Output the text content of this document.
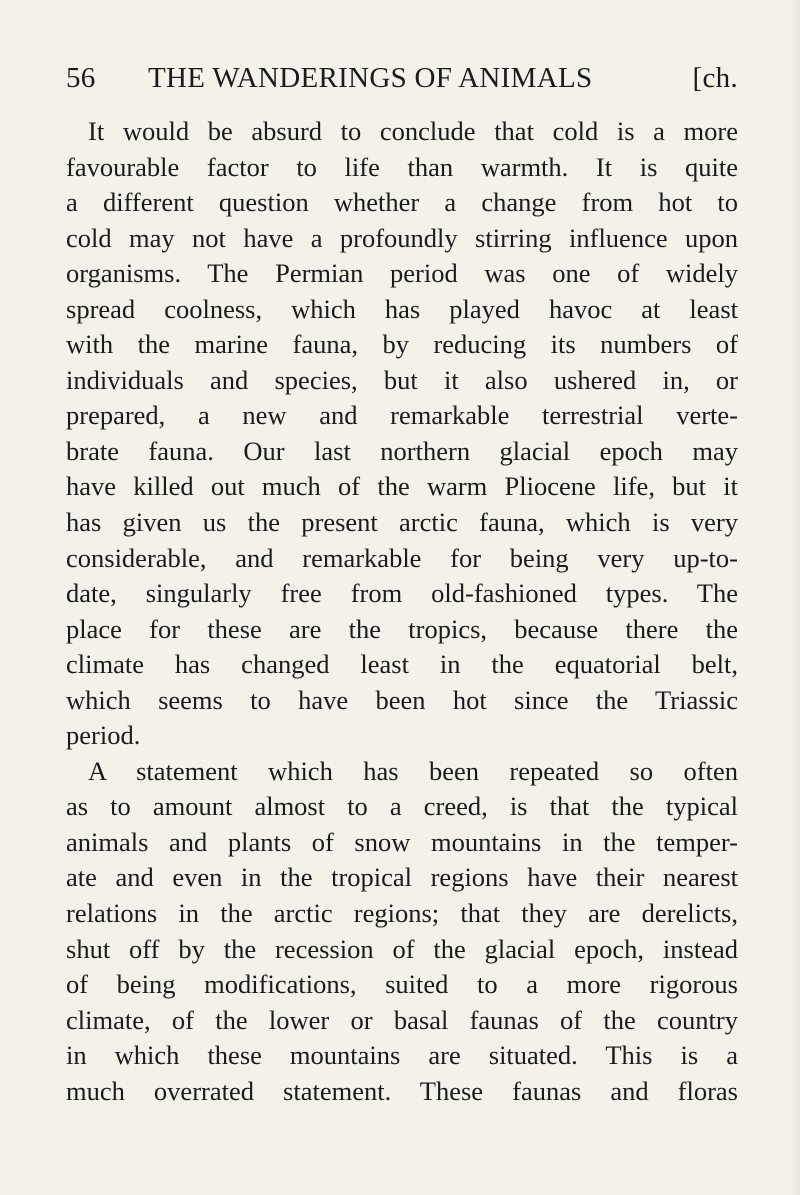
56 THE WANDERINGS OF ANIMALS	[ch.
It would be absurd to conclude that cold is a more
favourable factor to life than warmth. It is quite
a different question whether a change from hot to
cold may not have a profoundly stirring influence upon
organisms. The Permian period was one of widely
spread coolness, which has played havoc at least
with the marine fauna, by reducing its numbers of
individuals and species, but it also ushered in, or
prepared, a new and remarkable terrestrial verte-
brate fauna. Our last northern glacial epoch may
have killed out much of the warm Pliocene life, but it
has given us the present arctic fauna, which is very
considerable, and remarkable for being very up-to-
date, singularly free from old-fashioned types. The
place for these are the tropics, because there the
climate has changed least in the equatorial belt,
which seems to have been hot since the Triassic
period.
A statement which has been repeated so often
as to amount almost to a creed, is that the typical
animals and plants of snow mountains in the temper-
ate and even in the tropical regions have their nearest
relations in the arctic regions; that they are derelicts,
shut off by the recession of the glacial epoch, instead
of being modifications, suited to a more rigorous
climate, of the lower or basal faunas of the country
in which these mountains are situated. This is a
much overrated statement. These faunas and floras
